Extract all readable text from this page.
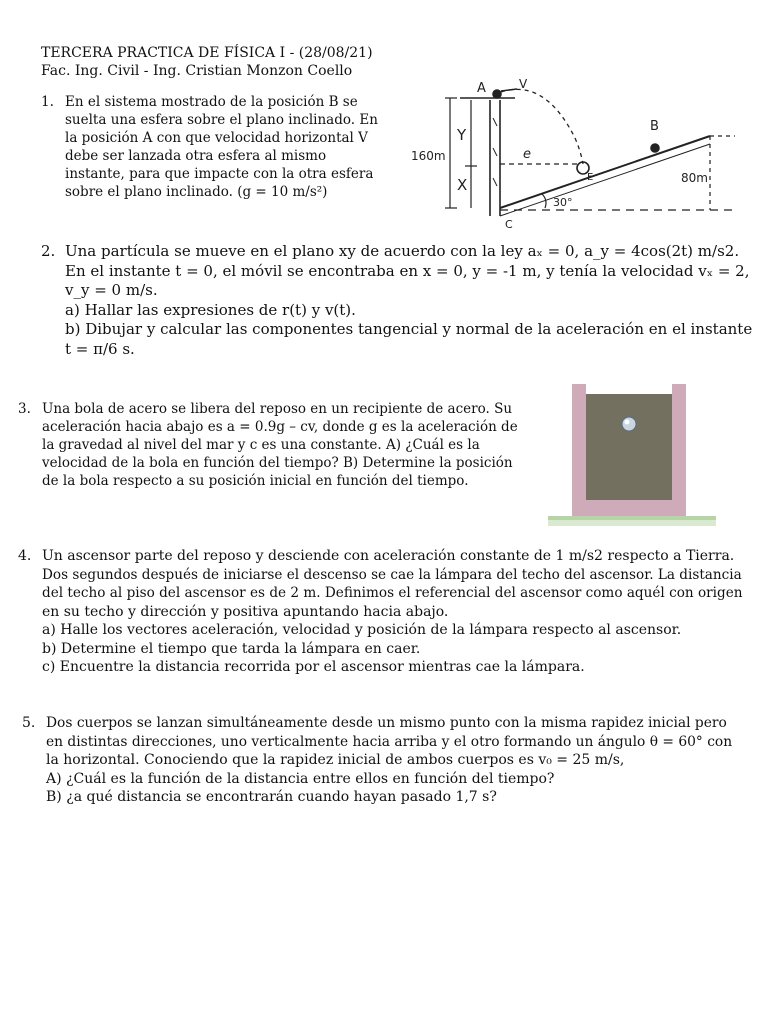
TERCERA PRACTICA DE FÍSICA I - (28/08/21)
Fac. Ing. Civil - Ing. Cristian Monzon Coello
1. En el sistema mostrado de la posición B se
suelta una esfera sobre el plano inclinado. En
la posición A con que velocidad horizontal V
debe ser lanzada otra esfera al mismo
instante, para que impacte con la otra esfera
sobre el plano inclinado. (g = 10 m/s²)
A	V
B
C
E
Y
X
e
160m
80m
30°
2. Una partícula se mueve en el plano xy de acuerdo con la ley aₓ = 0, a_y = 4cos(2t) m/s2.
En el instante t = 0, el móvil se encontraba en x = 0, y = -1 m, y tenía la velocidad vₓ = 2,
v_y = 0 m/s.
a) Hallar las expresiones de r(t) y v(t).
b) Dibujar y calcular las componentes tangencial y normal de la aceleración en el instante
t = π/6 s.
3. Una bola de acero se libera del reposo en un recipiente de acero. Su
aceleración hacia abajo es a = 0.9g – cv, donde g es la aceleración de
la gravedad al nivel del mar y c es una constante. A) ¿Cuál es la
velocidad de la bola en función del tiempo? B) Determine la posición
de la bola respecto a su posición inicial en función del tiempo.
4. Un ascensor parte del reposo y desciende con aceleración constante de 1 m/s2 respecto a Tierra.
Dos segundos después de iniciarse el descenso se cae la lámpara del techo del ascensor. La distancia
del techo al piso del ascensor es de 2 m. Definimos el referencial del ascensor como aquél con origen
en su techo y dirección y positiva apuntando hacia abajo.
a) Halle los vectores aceleración, velocidad y posición de la lámpara respecto al ascensor.
b) Determine el tiempo que tarda la lámpara en caer.
c) Encuentre la distancia recorrida por el ascensor mientras cae la lámpara.
5. Dos cuerpos se lanzan simultáneamente desde un mismo punto con la misma rapidez inicial pero
en distintas direcciones, uno verticalmente hacia arriba y el otro formando un ángulo θ = 60° con
la horizontal. Conociendo que la rapidez inicial de ambos cuerpos es v₀ = 25 m/s,
A) ¿Cuál es la función de la distancia entre ellos en función del tiempo?
B) ¿a qué distancia se encontrarán cuando hayan pasado 1,7 s?
